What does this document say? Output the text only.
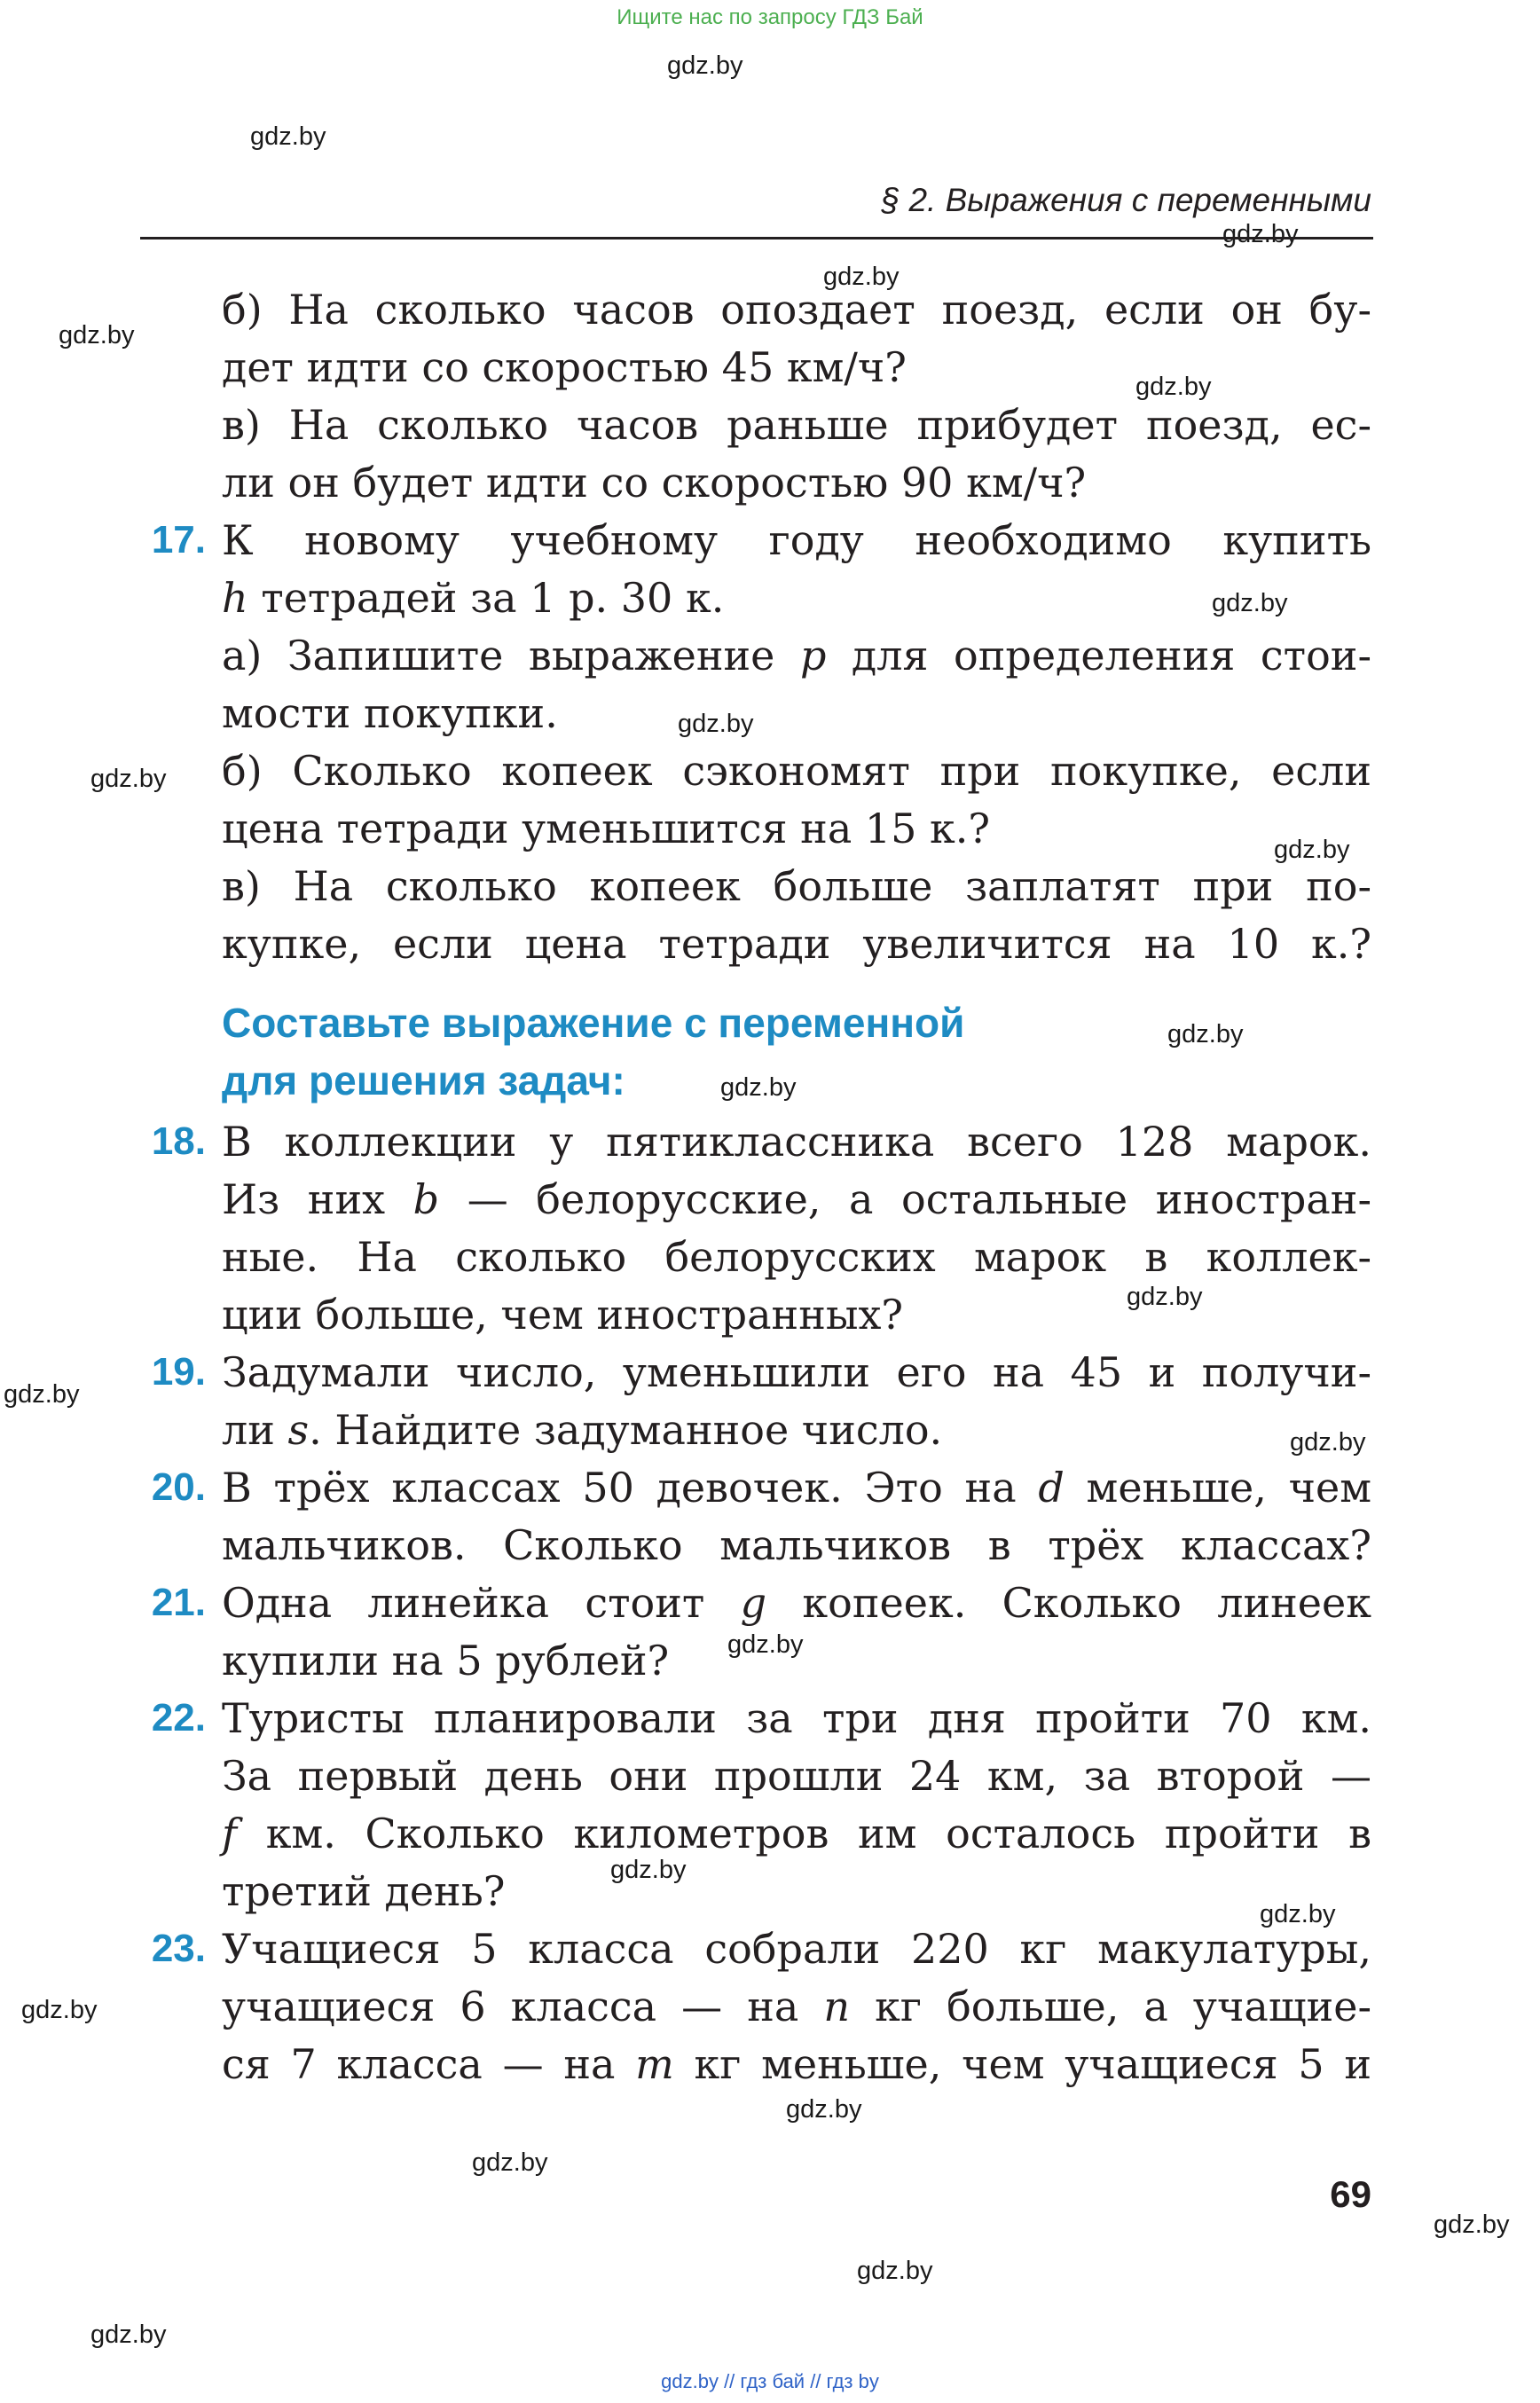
Ищите нас по запросу ГДЗ Бай
gdz.by // гдз бай // гдз by
gdz.by
gdz.by
gdz.by
gdz.by
gdz.by
gdz.by
gdz.by
gdz.by
gdz.by
gdz.by
gdz.by
gdz.by
gdz.by
gdz.by
gdz.by
gdz.by
gdz.by
gdz.by
gdz.by
gdz.by
gdz.by
gdz.by
gdz.by
gdz.by
§ 2. Выражения с переменными
б) На сколько часов опоздает поезд, если он бу-
дет идти со скоростью 45 км/ч?
в) На сколько часов раньше прибудет поезд, ес-
ли он будет идти со скоростью 90 км/ч?
17. К новому учебному году необходимо купить
h тетрадей за 1 р. 30 к.
а) Запишите выражение p для определения стои-
мости покупки.
б) Сколько копеек сэкономят при покупке, если
цена тетради уменьшится на 15 к.?
в) На сколько копеек больше заплатят при по-
купке, если цена тетради увеличится на 10 к.?
Составьте выражение с переменной
для решения задач:
18. В коллекции у пятиклассника всего 128 марок.
Из них b — белорусские, а остальные иностран-
ные. На сколько белорусских марок в коллек-
ции больше, чем иностранных?
19. Задумали число, уменьшили его на 45 и получи-
ли s. Найдите задуманное число.
20. В трёх классах 50 девочек. Это на d меньше, чем
мальчиков. Сколько мальчиков в трёх классах?
21. Одна линейка стоит g копеек. Сколько линеек
купили на 5 рублей?
22. Туристы планировали за три дня пройти 70 км.
За первый день они прошли 24 км, за второй —
f км. Сколько километров им осталось пройти в
третий день?
23. Учащиеся 5 класса собрали 220 кг макулатуры,
учащиеся 6 класса — на n кг больше, а учащие-
ся 7 класса — на m кг меньше, чем учащиеся 5 и
69
